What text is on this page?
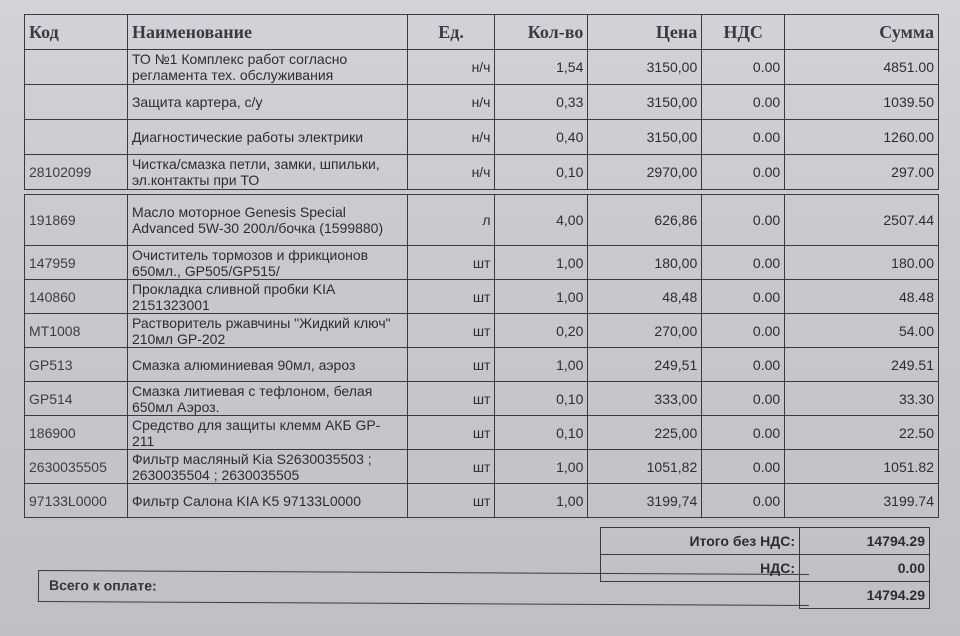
Код	Наименование	Ед.	Кол-во	Цена	НДС	Сумма
	ТО №1 Комплекс работ согласно регламента тех. обслуживания	н/ч	1,54	3150,00	0.00	4851.00
	Защита картера, с/у	н/ч	0,33	3150,00	0.00	1039.50
	Диагностические работы электрики	н/ч	0,40	3150,00	0.00	1260.00
28102099	Чистка/смазка петли, замки, шпильки, эл.контакты при ТО	н/ч	0,10	2970,00	0.00	297.00

191869	Масло моторное Genesis Special Advanced 5W-30 200л/бочка (1599880)	л	4,00	626,86	0.00	2507.44
147959	Очиститель тормозов и фрикционов 650мл., GP505/GP515/	шт	1,00	180,00	0.00	180.00
140860	Прокладка сливной пробки KIA 2151323001	шт	1,00	48,48	0.00	48.48
MT1008	Растворитель ржавчины "Жидкий ключ" 210мл GP-202	шт	0,20	270,00	0.00	54.00
GP513	Смазка алюминиевая 90мл, аэроз	шт	1,00	249,51	0.00	249.51
GP514	Смазка литиевая с тефлоном, белая 650мл Аэроз.	шт	0,10	333,00	0.00	33.30
186900	Средство для защиты клемм АКБ GP-211	шт	0,10	225,00	0.00	22.50
2630035505	Фильтр масляный Kia S2630035503 ; 2630035504 ; 2630035505	шт	1,00	1051,82	0.00	1051.82
97133L0000	Фильтр Салона KIA K5 97133L0000	шт	1,00	3199,74	0.00	3199.74
Итого без НДС:	14794.29
НДС:	0.00
	14794.29
Всего к оплате:
